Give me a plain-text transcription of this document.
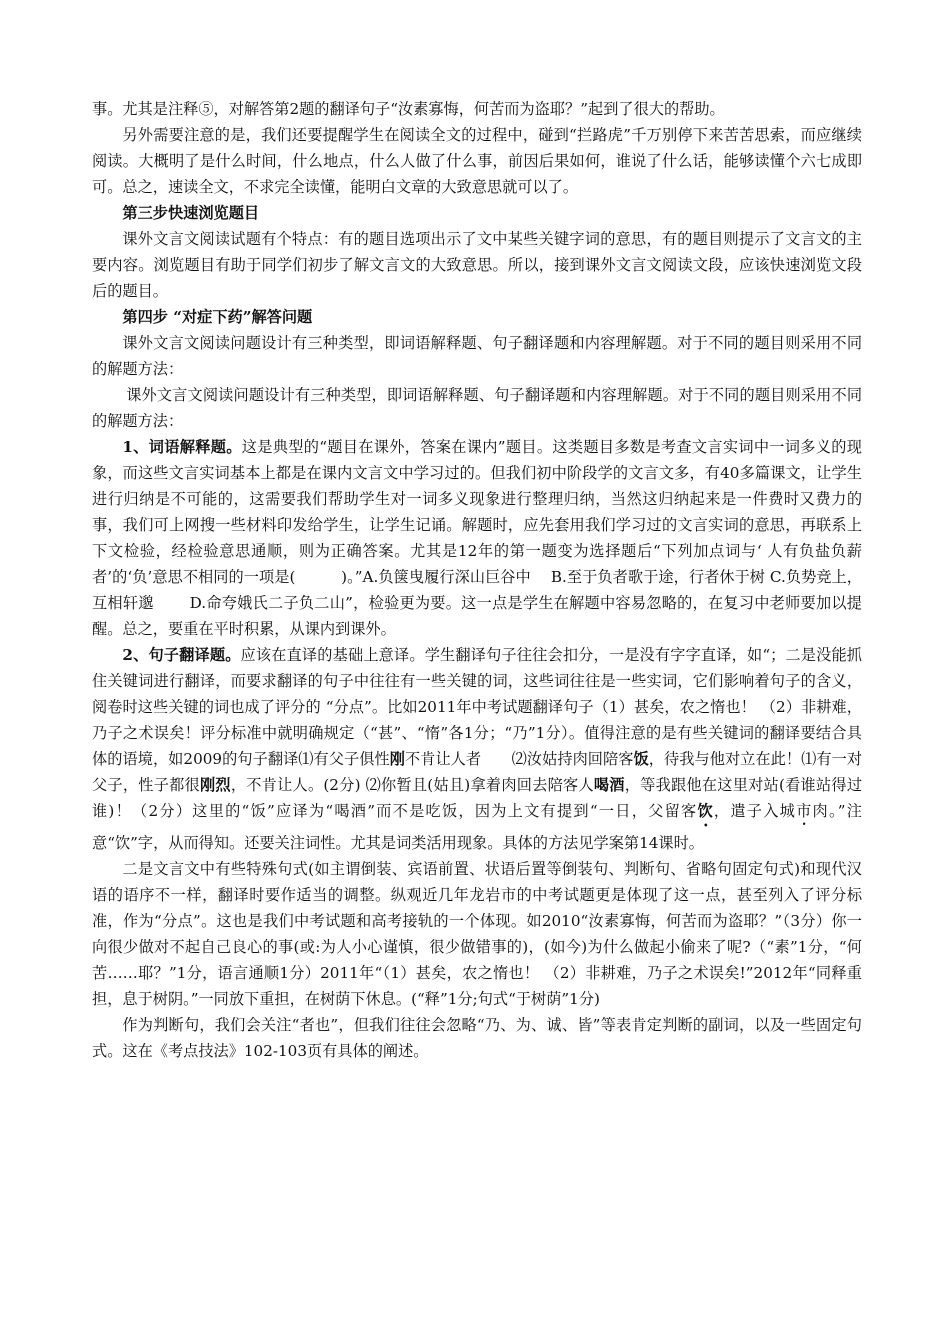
事。尤其是注释⑤，对解答第2题的翻译句子“汝素寡悔，何苦而为盗耶？”起到了很大的帮助。

另外需要注意的是，我们还要提醒学生在阅读全文的过程中，碰到“拦路虎”千万别停下来苦苦思索，而应继续阅读。大概明了是什么时间，什么地点，什么人做了什么事，前因后果如何，谁说了什么话，能够读懂个六七成即可。总之，速读全文，不求完全读懂，能明白文章的大致意思就可以了。

第三步快速浏览题目

课外文言文阅读试题有个特点：有的题目选项出示了文中某些关键字词的意思，有的题目则提示了文言文的主要内容。浏览题目有助于同学们初步了解文言文的大致意思。所以，接到课外文言文阅读文段，应该快速浏览文段后的题目。

第四步 “对症下药”解答问题

课外文言文阅读问题设计有三种类型，即词语解释题、句子翻译题和内容理解题。对于不同的题目则采用不同的解题方法：

课外文言文阅读问题设计有三种类型，即词语解释题、句子翻译题和内容理解题。对于不同的题目则采用不同的解题方法：

1、词语解释题。这是典型的“题目在课外，答案在课内”题目。这类题目多数是考查文言实词中一词多义的现象，而这些文言实词基本上都是在课内文言文中学习过的。但我们初中阶段学的文言文多，有40多篇课文，让学生进行归纳是不可能的，这需要我们帮助学生对一词多义现象进行整理归纳，当然这归纳起来是一件费时又费力的事，我们可上网搜一些材料印发给学生，让学生记诵。解题时，应先套用我们学习过的文言实词的意思，再联系上下文检验，经检验意思通顺，则为正确答案。尤其是12年的第一题变为选择题后“下列加点词与‘ 人有负盐负薪者’的‘负’意思不相同的一项是(　　　)。”A.负箧曳履行深山巨谷中　 B.至于负者歌于途，行者休于树 C.负势竞上，互相轩邈　　 D.命夸娥氏二子负二山”，检验更为要。这一点是学生在解题中容易忽略的，在复习中老师要加以提醒。总之，要重在平时积累，从课内到课外。

2、句子翻译题。应该在直译的基础上意译。学生翻译句子往往会扣分，一是没有字字直译，如“；二是没能抓住关键词进行翻译，而要求翻译的句子中往往有一些关键的词，这些词往往是一些实词，它们影响着句子的含义，阅卷时这些关键的词也成了评分的 “分点”。比如2011年中考试题翻译句子（1）甚矣，农之惰也！ （2）非耕难，乃子之术误矣！评分标准中就明确规定（“甚”、“惰”各1分；“乃”1分）。值得注意的是有些关键词的翻译要结合具体的语境，如2009的句子翻译⑴有父子俱性刚不肯让人者　　⑵汝姑持肉回陪客饭，待我与他对立在此！⑴有一对父子，性子都很刚烈，不肯让人。(2分) ⑵你暂且(姑且)拿着肉回去陪客人喝酒，等我跟他在这里对站(看谁站得过谁)！（2分）这里的“饭”应译为“喝酒”而不是吃饭，因为上文有提到“一日，父留客饮，遣子入城市肉。”注意“饮”字，从而得知。还要关注词性。尤其是词类活用现象。具体的方法见学案第14课时。

二是文言文中有些特殊句式(如主谓倒装、宾语前置、状语后置等倒装句、判断句、省略句固定句式)和现代汉语的语序不一样，翻译时要作适当的调整。纵观近几年龙岩市的中考试题更是体现了这一点，甚至列入了评分标准，作为“分点”。这也是我们中考试题和高考接轨的一个体现。如2010“汝素寡悔，何苦而为盗耶？”（3分）你一向很少做对不起自己良心的事(或:为人小心谨慎，很少做错事的)，(如今)为什么做起小偷来了呢?（“素”1分，“何苦……耶？”1分，语言通顺1分）2011年“（1）甚矣，农之惰也！ （2）非耕难，乃子之术误矣!”2012年“同释重担，息于树阴。”一同放下重担，在树荫下休息。(“释”1分;句式“于树荫”1分)

作为判断句，我们会关注“者也”，但我们往往会忽略“乃、为、诚、皆”等表肯定判断的副词，以及一些固定句式。这在《考点技法》102-103页有具体的阐述。
